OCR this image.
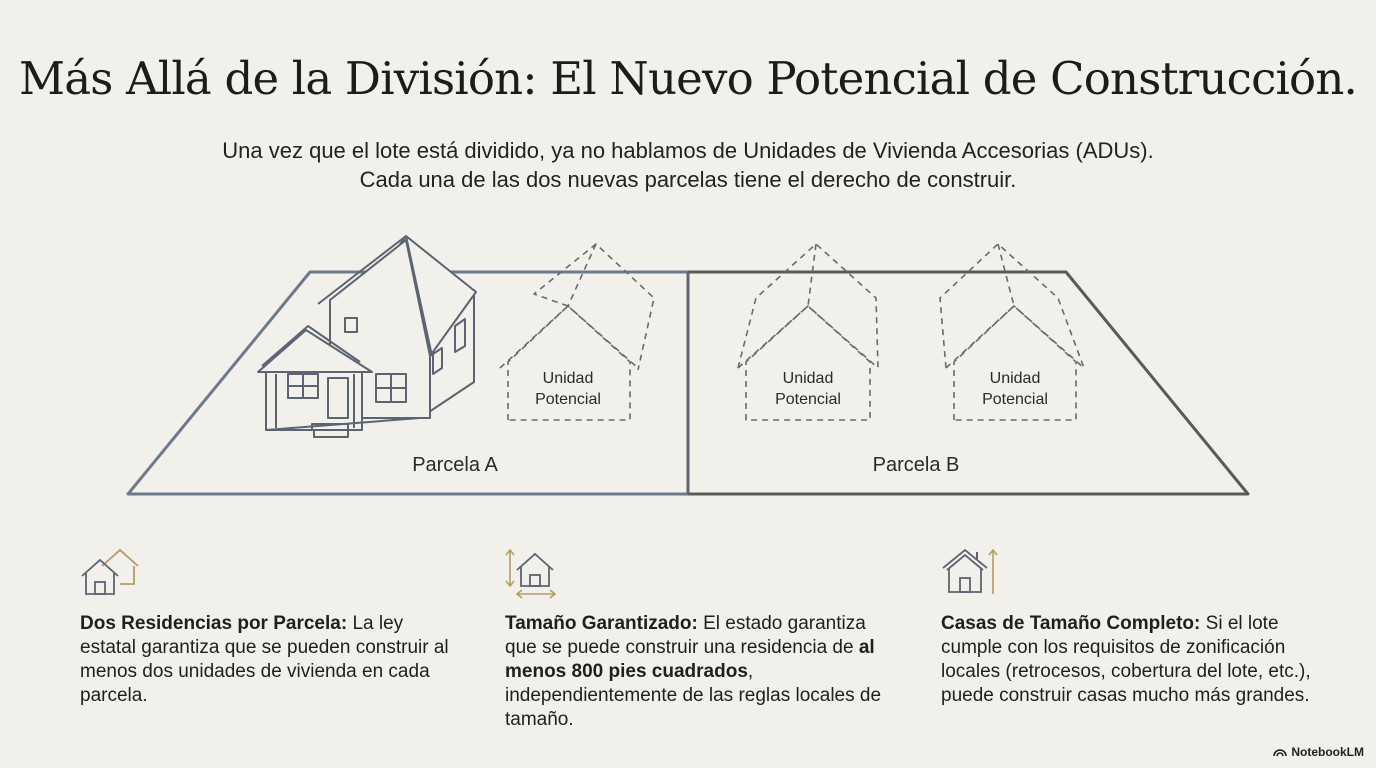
Más Allá de la División: El Nuevo Potencial de Construcción.
Una vez que el lote está dividido, ya no hablamos de Unidades de Vivienda Accesorias (ADUs).
Cada una de las dos nuevas parcelas tiene el derecho de construir.
Unidad
Potencial
Unidad
Potencial
Unidad
Potencial
Parcela A	Parcela B

Dos Residencias por Parcela: La ley estatal garantiza que se pueden construir al menos dos unidades de vivienda en cada parcela.

Tamaño Garantizado: El estado garantiza que se puede construir una residencia de al menos 800 pies cuadrados, independientemente de las reglas locales de tamaño.

Casas de Tamaño Completo: Si el lote cumple con los requisitos de zonificación locales (retrocesos, cobertura del lote, etc.), puede construir casas mucho más grandes.

NotebookLM
